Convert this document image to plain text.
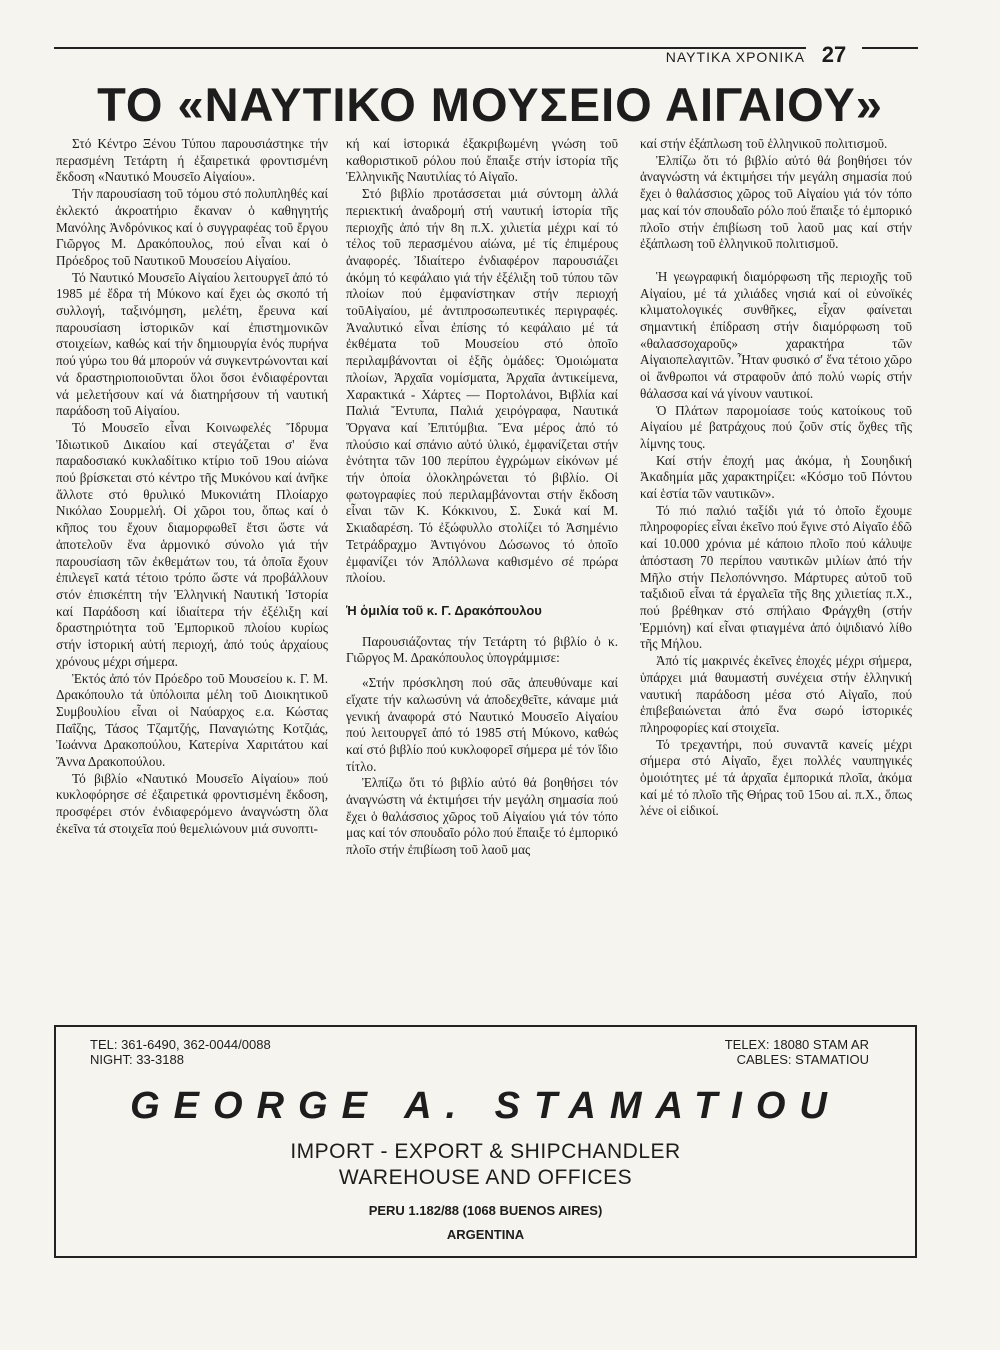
ΝΑΥΤΙΚΑ ΧΡΟΝΙΚΑ 27
ΤΟ «ΝΑΥΤΙΚΟ ΜΟΥΣΕΙΟ ΑΙΓΑΙΟΥ»

Στό Κέντρο Ξένου Τύπου παρουσιάστηκε τήν περασμένη Τετάρτη ή ἐξαιρετικά φροντισμένη ἔκδοση «Ναυτικό Μουσεῖο Αἰγαίου».

Τήν παρουσίαση τοῦ τόμου στό πολυπληθές καί ἐκλεκτό ἀκροατήριο ἔκαναν ὁ καθηγητής Μανόλης Ἀνδρόνικος καί ὁ συγγραφέας τοῦ ἔργου Γιῶργος Μ. Δρακόπουλος, πού εἶναι καί ὁ Πρόεδρος τοῦ Ναυτικοῦ Μουσείου Αἰγαίου.

Τό Ναυτικό Μουσεῖο Αἰγαίου λειτουργεῖ ἀπό τό 1985 μέ ἕδρα τή Μύκονο καί ἔχει ὡς σκοπό τή συλλογή, ταξινόμηση, μελέτη, ἔρευνα καί παρουσίαση ἱστορικῶν καί ἐπιστημονικῶν στοιχείων, καθώς καί τήν δημιουργία ἑνός πυρήνα πού γύρω του θά μπορούν νά συγκεντρώνονται καί νά δραστηριοποιοῦνται ὅλοι ὅσοι ἐνδιαφέρονται νά μελετήσουν καί νά διατηρήσουν τή ναυτική παράδοση τοῦ Αἰγαίου.

Τό Μουσεῖο εἶναι Κοινωφελές Ἵδρυμα Ἰδιωτικοῦ Δικαίου καί στεγάζεται σ' ἕνα παραδοσιακό κυκλαδίτικο κτίριο τοῦ 19ου αἰώνα πού βρίσκεται στό κέντρο τῆς Μυκόνου καί ἀνῆκε ἄλλοτε στό θρυλικό Μυκονιάτη Πλοίαρχο Νικόλαο Σουρμελή. Οἱ χῶροι του, ὅπως καί ὁ κῆπος του ἔχουν διαμορφωθεῖ ἔτσι ὥστε νά ἀποτελοῦν ἕνα ἁρμονικό σύνολο γιά τήν παρουσίαση τῶν ἐκθεμάτων του, τά ὁποῖα ἔχουν ἐπιλεγεῖ κατά τέτοιο τρόπο ὥστε νά προβάλλουν στόν ἐπισκέπτη τήν Ἑλληνική Ναυτική Ἱστορία καί Παράδοση καί ἰδιαίτερα τήν ἐξέλιξη καί δραστηριότητα τοῦ Ἐμπορικοῦ πλοίου κυρίως στήν ἱστορική αὐτή περιοχή, ἀπό τούς ἀρχαίους χρόνους μέχρι σήμερα.

Ἐκτός ἀπό τόν Πρόεδρο τοῦ Μουσείου κ. Γ. Μ. Δρακόπουλο τά ὑπόλοιπα μέλη τοῦ Διοικητικοῦ Συμβουλίου εἶναι οἱ Ναύαρχος ε.α. Κώστας Παΐζης, Τάσος Τζαμτζής, Παναγιώτης Κοτζιάς, Ἰωάννα Δρακοπούλου, Κατερίνα Χαριτάτου καί Ἄννα Δρακοπούλου.

Τό βιβλίο «Ναυτικό Μουσεῖο Αἰγαίου» πού κυκλοφόρησε σέ ἐξαιρετικά φροντισμένη ἔκδοση, προσφέρει στόν ἐνδιαφερόμενο ἀναγνώστη ὅλα ἐκεῖνα τά στοιχεῖα πού θεμελιώνουν μιά συνοπτι-

κή καί ἱστορικά ἐξακριβωμένη γνώση τοῦ καθοριστικοῦ ρόλου πού ἔπαιξε στήν ἱστορία τῆς Ἑλληνικῆς Ναυτιλίας τό Αἰγαῖο.

Στό βιβλίο προτάσσεται μιά σύντομη ἀλλά περιεκτική ἀναδρομή στή ναυτική ἱστορία τῆς περιοχῆς ἀπό τήν 8η π.Χ. χιλιετία μέχρι καί τό τέλος τοῦ περασμένου αἰώνα, μέ τίς ἐπιμέρους ἀναφορές. Ἰδιαίτερο ἐνδιαφέρον παρουσιάζει ἀκόμη τό κεφάλαιο γιά τήν ἐξέλιξη τοῦ τύπου τῶν πλοίων πού ἐμφανίστηκαν στήν περιοχή τοῦΑἰγαίου, μέ ἀντιπροσωπευτικές περιγραφές. Ἀναλυτικό εἶναι ἐπίσης τό κεφάλαιο μέ τά ἐκθέματα τοῦ Μουσείου στό ὁποῖο περιλαμβάνονται οἱ ἑξῆς ὁμάδες: Ὁμοιώματα πλοίων, Ἀρχαῖα νομίσματα, Ἀρχαῖα ἀντικείμενα, Χαρακτικά - Χάρτες — Πορτολάνοι, Βιβλία καί Παλιά Ἔντυπα, Παλιά χειρόγραφα, Ναυτικά Ὄργανα καί Ἐπιτύμβια. Ἕνα μέρος ἀπό τό πλούσιο καί σπάνιο αὐτό ὑλικό, ἐμφανίζεται στήν ἑνότητα τῶν 100 περίπου ἐγχρώμων εἰκόνων μέ τήν ὁποία ὁλοκληρώνεται τό βιβλίο. Οἱ φωτογραφίες πού περιλαμβάνονται στήν ἔκδοση εἶναι τῶν Κ. Κόκκινου, Σ. Συκά καί Μ. Σκιαδαρέση. Τό ἐξώφυλλο στολίζει τό Ἀσημένιο Τετράδραχμο Ἀντιγόνου Δώσωνος τό ὁποῖο ἐμφανίζει τόν Ἀπόλλωνα καθισμένο σέ πρώρα πλοίου.

Ἡ ὁμιλία τοῦ κ. Γ. Δρακόπουλου

Παρουσιάζοντας τήν Τετάρτη τό βιβλίο ὁ κ. Γιῶργος Μ. Δρακόπουλος ὑπογράμμισε:

«Στήν πρόσκληση πού σᾶς ἀπευθύναμε καί εἴχατε τήν καλωσύνη νά ἀποδεχθεῖτε, κάναμε μιά γενική ἀναφορά στό Ναυτικό Μουσεῖο Αἰγαίου πού λειτουργεῖ ἀπό τό 1985 στή Μύκονο, καθώς καί στό βιβλίο πού κυκλοφορεῖ σήμερα μέ τόν ἴδιο τίτλο.

Ἐλπίζω ὅτι τό βιβλίο αὐτό θά βοηθήσει τόν ἀναγνώστη νά ἐκτιμήσει τήν μεγάλη σημασία πού ἔχει ὁ θαλάσσιος χῶρος τοῦ Αἰγαίου γιά τόν τόπο μας καί τόν σπουδαῖο ρόλο πού ἔπαιξε τό ἐμπορικό πλοῖο στήν ἐπιβίωση τοῦ λαοῦ μας

καί στήν ἐξάπλωση τοῦ ἑλληνικοῦ πολιτισμοῦ.

Ἐλπίζω ὅτι τό βιβλίο αὐτό θά βοηθήσει τόν ἀναγνώστη νά ἐκτιμήσει τήν μεγάλη σημασία πού ἔχει ὁ θαλάσσιος χῶρος τοῦ Αἰγαίου γιά τόν τόπο μας καί τόν σπουδαῖο ρόλο πού ἔπαιξε τό ἐμπορικό πλοῖο στήν ἐπιβίωση τοῦ λαοῦ μας καί στήν ἐξάπλωση τοῦ ἑλληνικοῦ πολιτισμοῦ.

Ἡ γεωγραφική διαμόρφωση τῆς περιοχῆς τοῦ Αἰγαίου, μέ τά χιλιάδες νησιά καί οἱ εὐνοϊκές κλιματολογικές συνθῆκες, εἶχαν φαίνεται σημαντική ἐπίδραση στήν διαμόρφωση τοῦ «θαλασσοχαροῦς» χαρακτήρα τῶν Αἰγαιοπελαγιτῶν. Ἦταν φυσικό σ' ἕνα τέτοιο χῶρο οἱ ἄνθρωποι νά στραφοῦν ἀπό πολύ νωρίς στήν θάλασσα καί νά γίνουν ναυτικοί.

Ὁ Πλάτων παρομοίασε τούς κατοίκους τοῦ Αἰγαίου μέ βατράχους πού ζοῦν στίς ὄχθες τῆς λίμνης τους.

Καί στήν ἐποχή μας ἀκόμα, ἡ Σουηδική Ἀκαδημία μᾶς χαρακτηρίζει: «Κόσμο τοῦ Πόντου καί ἑστία τῶν ναυτικῶν».

Τό πιό παλιό ταξίδι γιά τό ὁποῖο ἔχουμε πληροφορίες εἶναι ἐκεῖνο πού ἔγινε στό Αἰγαῖο ἐδῶ καί 10.000 χρόνια μέ κάποιο πλοῖο πού κάλυψε ἀπόσταση 70 περίπου ναυτικῶν μιλίων ἀπό τήν Μῆλο στήν Πελοπόννησο. Μάρτυρες αὐτοῦ τοῦ ταξιδιοῦ εἶναι τά ἐργαλεῖα τῆς 8ης χιλιετίας π.Χ., πού βρέθηκαν στό σπήλαιο Φράγχθη (στήν Ἑρμιόνη) καί εἶναι φτιαγμένα ἀπό ὀψιδιανό λίθο τῆς Μήλου.

Ἀπό τίς μακρινές ἐκεῖνες ἐποχές μέχρι σήμερα, ὑπάρχει μιά θαυμαστή συνέχεια στήν ἑλληνική ναυτική παράδοση μέσα στό Αἰγαῖο, πού ἐπιβεβαιώνεται ἀπό ἕνα σωρό ἱστορικές πληροφορίες καί στοιχεῖα.

Τό τρεχαντήρι, πού συναντᾶ κανείς μέχρι σήμερα στό Αἰγαῖο, ἔχει πολλές ναυπηγικές ὁμοιότητες μέ τά ἀρχαῖα ἐμπορικά πλοῖα, ἀκόμα καί μέ τό πλοῖο τῆς Θήρας τοῦ 15ου αἰ. π.Χ., ὅπως λένε οἱ εἰδικοί.

TEL: 361-6490, 362-0044/0088
NIGHT: 33-3188
TELEX: 18080 STAM AR
CABLES: STAMATIOU
GEORGE A. STAMATIOU
IMPORT - EXPORT & SHIPCHANDLER
WAREHOUSE AND OFFICES
PERU 1.182/88 (1068 BUENOS AIRES)
ARGENTINA
